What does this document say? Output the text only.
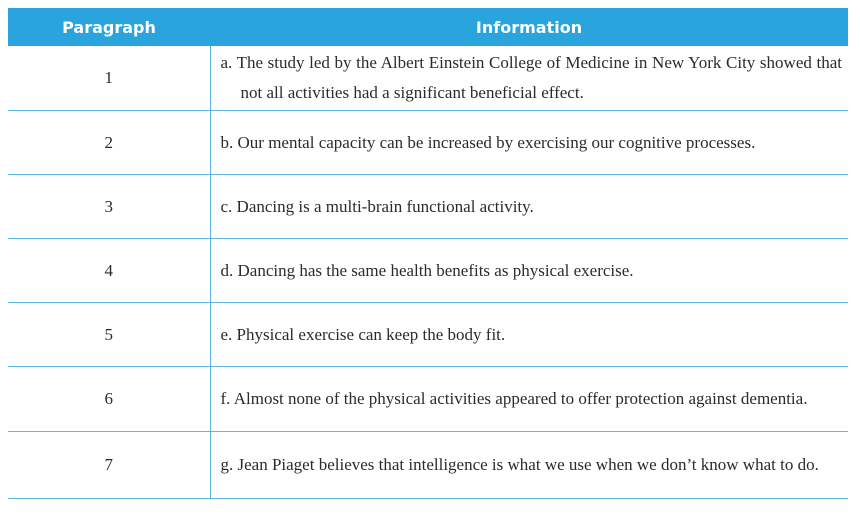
Paragraph	Information
1	a. The study led by the Albert Einstein College of Medicine in New York City showed that not all activities had a significant beneficial effect.

2	b. Our mental capacity can be increased by exercising our cognitive processes.

3	c. Dancing is a multi-brain functional activity.

4	d. Dancing has the same health benefits as physical exercise.

5	e. Physical exercise can keep the body fit.

6	f. Almost none of the physical activities appeared to offer protection against dementia.

7	g. Jean Piaget believes that intelligence is what we use when we don’t know what to do.
